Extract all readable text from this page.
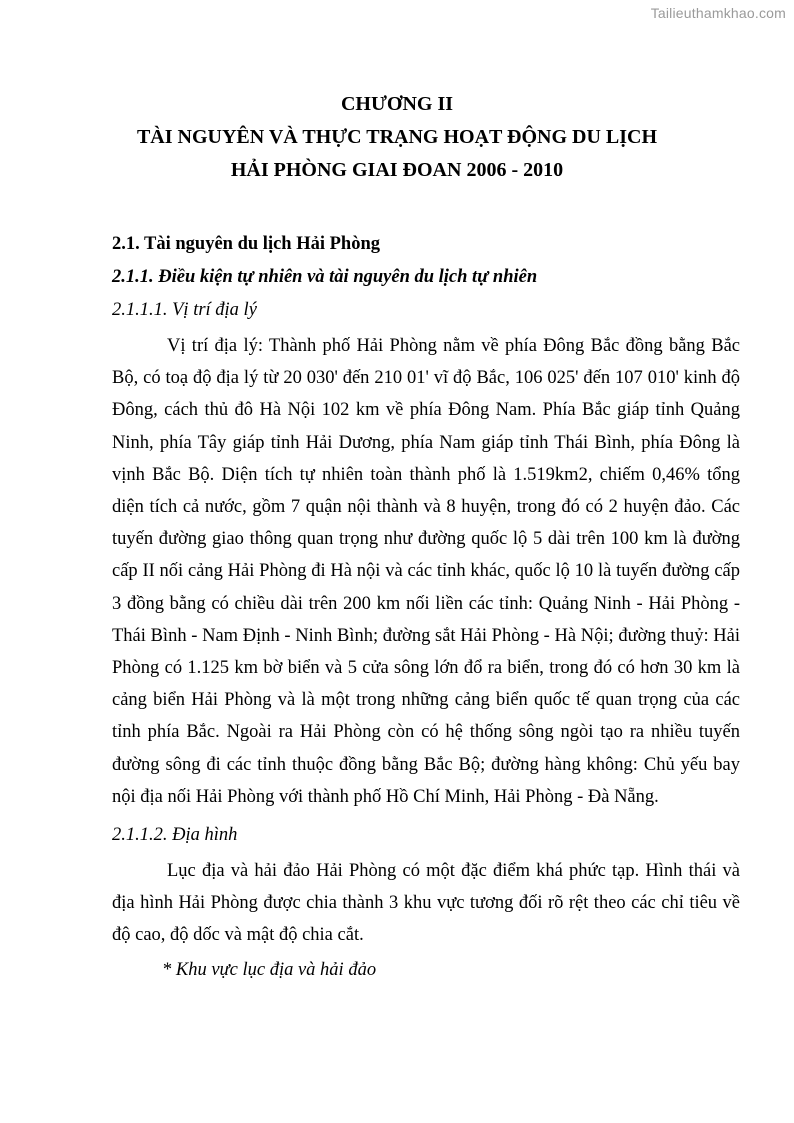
Tailieuthamkhao.com
CHƯƠNG II
TÀI NGUYÊN VÀ THỰC TRẠNG HOẠT ĐỘNG DU LỊCH
HẢI PHÒNG GIAI ĐOAN 2006 - 2010
2.1. Tài nguyên du lịch Hải Phòng
2.1.1. Điều kiện tự nhiên và tài nguyên du lịch tự nhiên
2.1.1.1. Vị trí địa lý

Vị trí địa lý: Thành phố Hải Phòng nằm về phía Đông Bắc đồng bằng Bắc Bộ, có toạ độ địa lý từ 20 030' đến 210 01' vĩ độ Bắc, 106 025' đến 107 010' kinh độ Đông, cách thủ đô Hà Nội 102 km về phía Đông Nam. Phía Bắc giáp tỉnh Quảng Ninh, phía Tây giáp tỉnh Hải Dương, phía Nam giáp tỉnh Thái Bình, phía Đông là vịnh Bắc Bộ. Diện tích tự nhiên toàn thành phố là 1.519km2, chiếm 0,46% tổng diện tích cả nước, gồm 7 quận nội thành và 8 huyện, trong đó có 2 huyện đảo. Các tuyến đường giao thông quan trọng như đường quốc lộ 5 dài trên 100 km là đường cấp II nối cảng Hải Phòng đi Hà nội và các tỉnh khác, quốc lộ 10 là tuyến đường cấp 3 đồng bằng có chiều dài trên 200 km nối liền các tỉnh: Quảng Ninh - Hải Phòng - Thái Bình - Nam Định - Ninh Bình; đường sắt Hải Phòng - Hà Nội; đường thuỷ: Hải Phòng có 1.125 km bờ biển và 5 cửa sông lớn đổ ra biển, trong đó có hơn 30 km là cảng biển Hải Phòng và là một trong những cảng biển quốc tế quan trọng của các tỉnh phía Bắc. Ngoài ra Hải Phòng còn có hệ thống sông ngòi tạo ra nhiều tuyến đường sông đi các tỉnh thuộc đồng bằng Bắc Bộ; đường hàng không: Chủ yếu bay nội địa nối Hải Phòng với thành phố Hồ Chí Minh, Hải Phòng - Đà Nẵng.

2.1.1.2. Địa hình

Lục địa và hải đảo Hải Phòng có một đặc điểm khá phức tạp. Hình thái và địa hình Hải Phòng được chia thành 3 khu vực tương đối rõ rệt theo các chỉ tiêu về độ cao, độ dốc và mật độ chia cắt.

* Khu vực lục địa và hải đảo
